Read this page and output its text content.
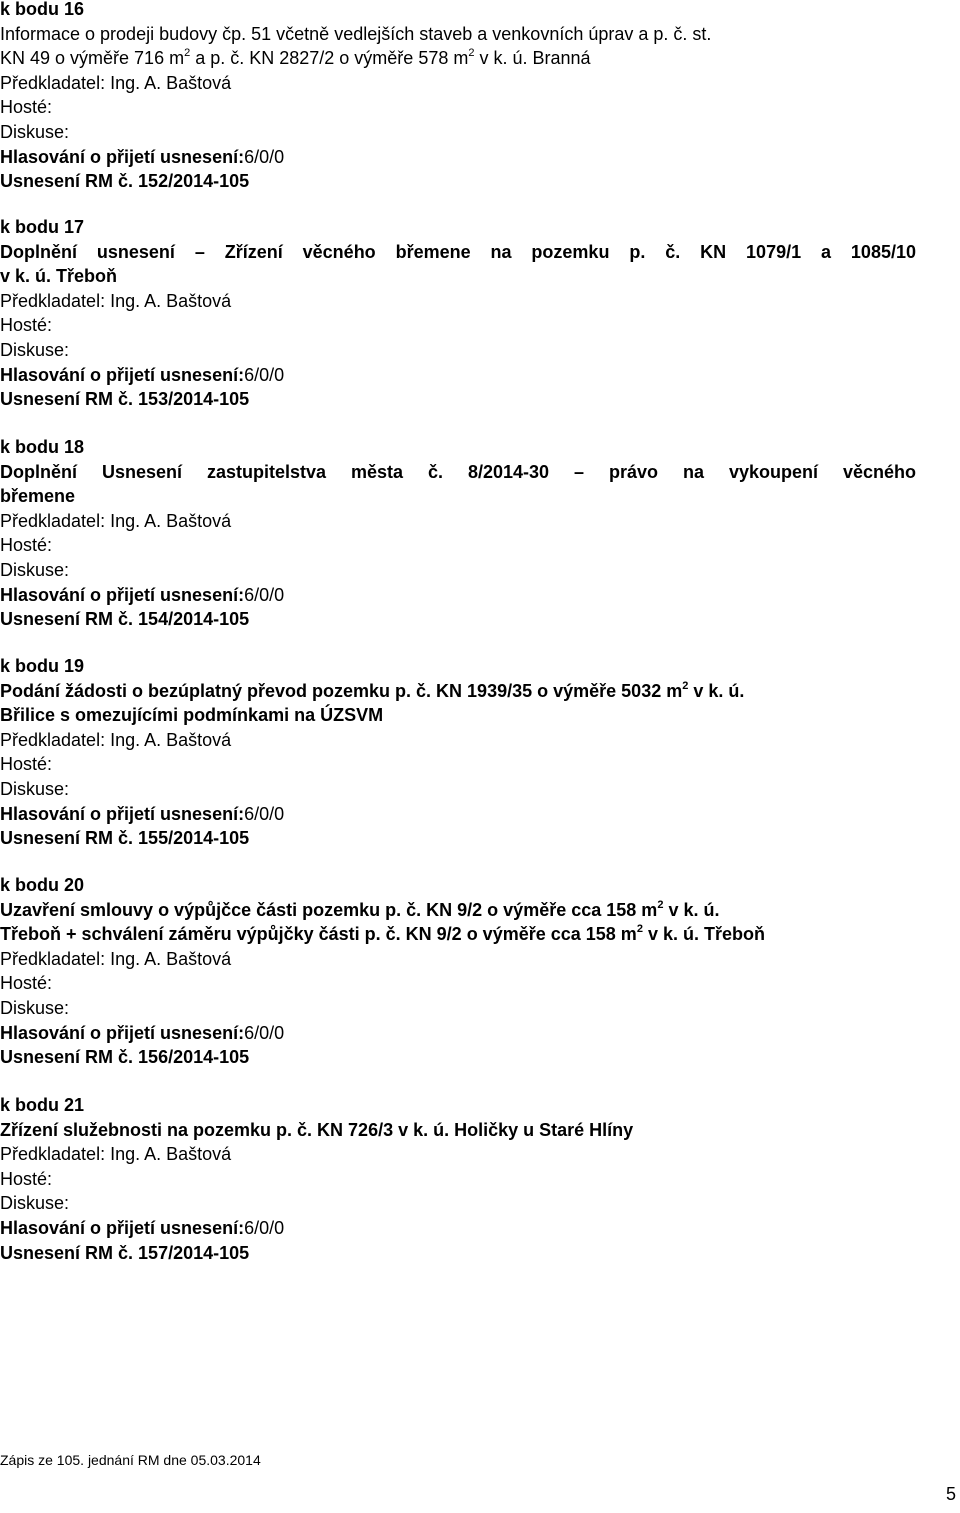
k bodu 16
Informace o prodeji budovy čp. 51 včetně vedlejších staveb a venkovních úprav a p. č. st.
KN 49 o výměře 716 $m^2$ a p. č. KN 2827/2 o výměře 578 $m^2$ v k. ú. Branná
Předkladatel: Ing. A. Baštová
Hosté:
Diskuse:
Hlasování o přijetí usnesení:6/0/0
Usnesení RM č. 152/2014-105
k bodu 17
Doplnění usnesení – Zřízení věcného břemene na pozemku p. č. KN 1079/1 a 1085/10
v k. ú. Třeboň
Předkladatel: Ing. A. Baštová
Hosté:
Diskuse:
Hlasování o přijetí usnesení:6/0/0
Usnesení RM č. 153/2014-105
k bodu 18
Doplnění Usnesení zastupitelstva města č. 8/2014-30 – právo na vykoupení věcného
břemene
Předkladatel: Ing. A. Baštová
Hosté:
Diskuse:
Hlasování o přijetí usnesení:6/0/0
Usnesení RM č. 154/2014-105
k bodu 19
Podání žádosti o bezúplatný převod pozemku p. č. KN 1939/35 o výměře 5032 $m^2$ v k. ú.
Břilice s omezujícími podmínkami na ÚZSVM
Předkladatel: Ing. A. Baštová
Hosté:
Diskuse:
Hlasování o přijetí usnesení:6/0/0
Usnesení RM č. 155/2014-105
k bodu 20
Uzavření smlouvy o výpůjčce části pozemku p. č. KN 9/2 o výměře cca 158 $m^2$ v k. ú.
Třeboň + schválení záměru výpůjčky části p. č. KN 9/2 o výměře cca 158 $m^2$ v k. ú. Třeboň
Předkladatel: Ing. A. Baštová
Hosté:
Diskuse:
Hlasování o přijetí usnesení:6/0/0
Usnesení RM č. 156/2014-105
k bodu 21
Zřízení služebnosti na pozemku p. č. KN 726/3 v k. ú. Holičky u Staré Hlíny
Předkladatel: Ing. A. Baštová
Hosté:
Diskuse:
Hlasování o přijetí usnesení:6/0/0
Usnesení RM č. 157/2014-105
Zápis ze 105. jednání RM dne 05.03.2014
5
